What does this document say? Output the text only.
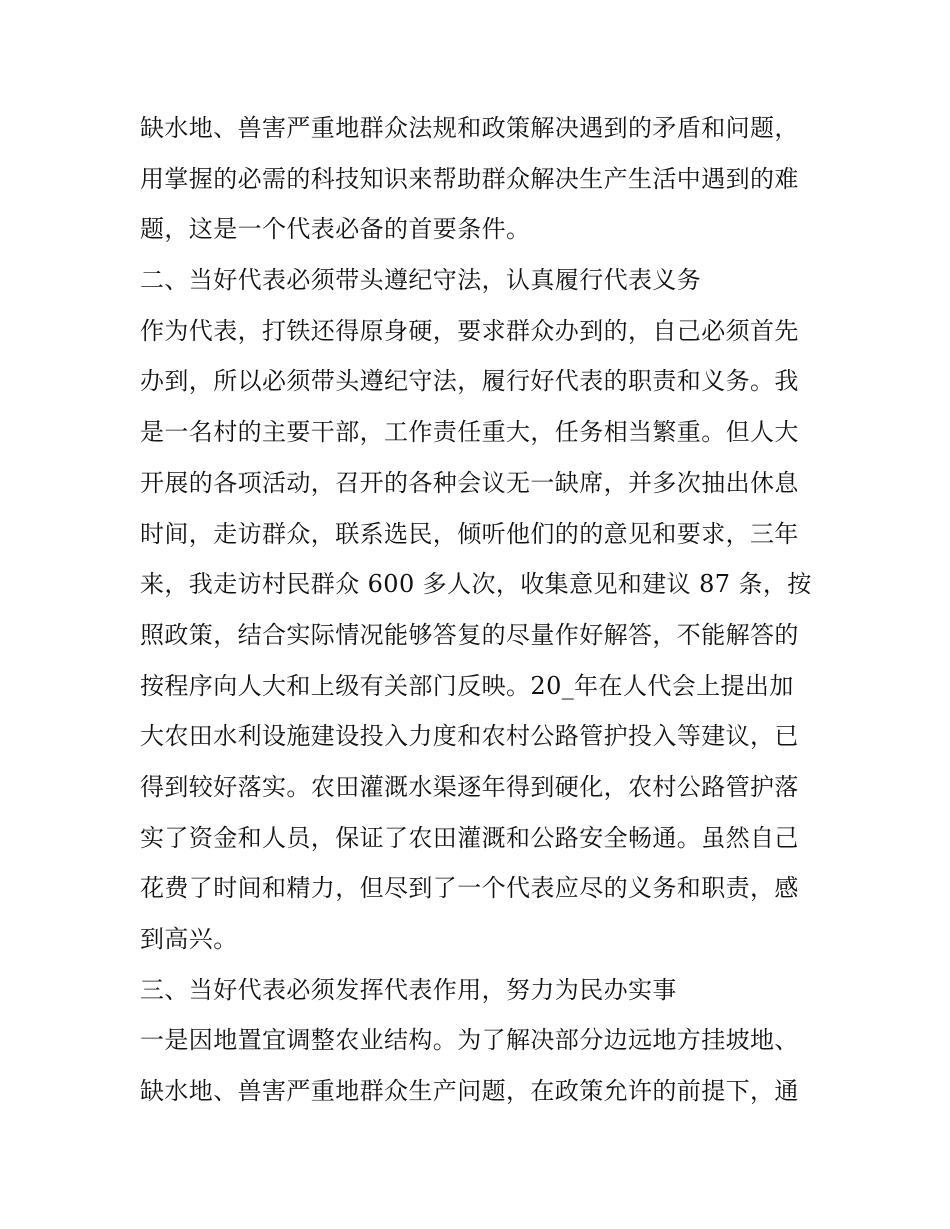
缺水地、兽害严重地群众法规和政策解决遇到的矛盾和问题，
用掌握的必需的科技知识来帮助群众解决生产生活中遇到的难
题，这是一个代表必备的首要条件。
二、当好代表必须带头遵纪守法，认真履行代表义务
作为代表，打铁还得原身硬，要求群众办到的，自己必须首先
办到，所以必须带头遵纪守法，履行好代表的职责和义务。我
是一名村的主要干部，工作责任重大，任务相当繁重。但人大
开展的各项活动，召开的各种会议无一缺席，并多次抽出休息
时间，走访群众，联系选民，倾听他们的的意见和要求，三年
来，我走访村民群众 600 多人次，收集意见和建议 87 条，按
照政策，结合实际情况能够答复的尽量作好解答，不能解答的
按程序向人大和上级有关部门反映。20_年在人代会上提出加
大农田水利设施建设投入力度和农村公路管护投入等建议，已
得到较好落实。农田灌溉水渠逐年得到硬化，农村公路管护落
实了资金和人员，保证了农田灌溉和公路安全畅通。虽然自己
花费了时间和精力，但尽到了一个代表应尽的义务和职责，感
到高兴。
三、当好代表必须发挥代表作用，努力为民办实事
一是因地置宜调整农业结构。为了解决部分边远地方挂坡地、
缺水地、兽害严重地群众生产问题，在政策允许的前提下，通
